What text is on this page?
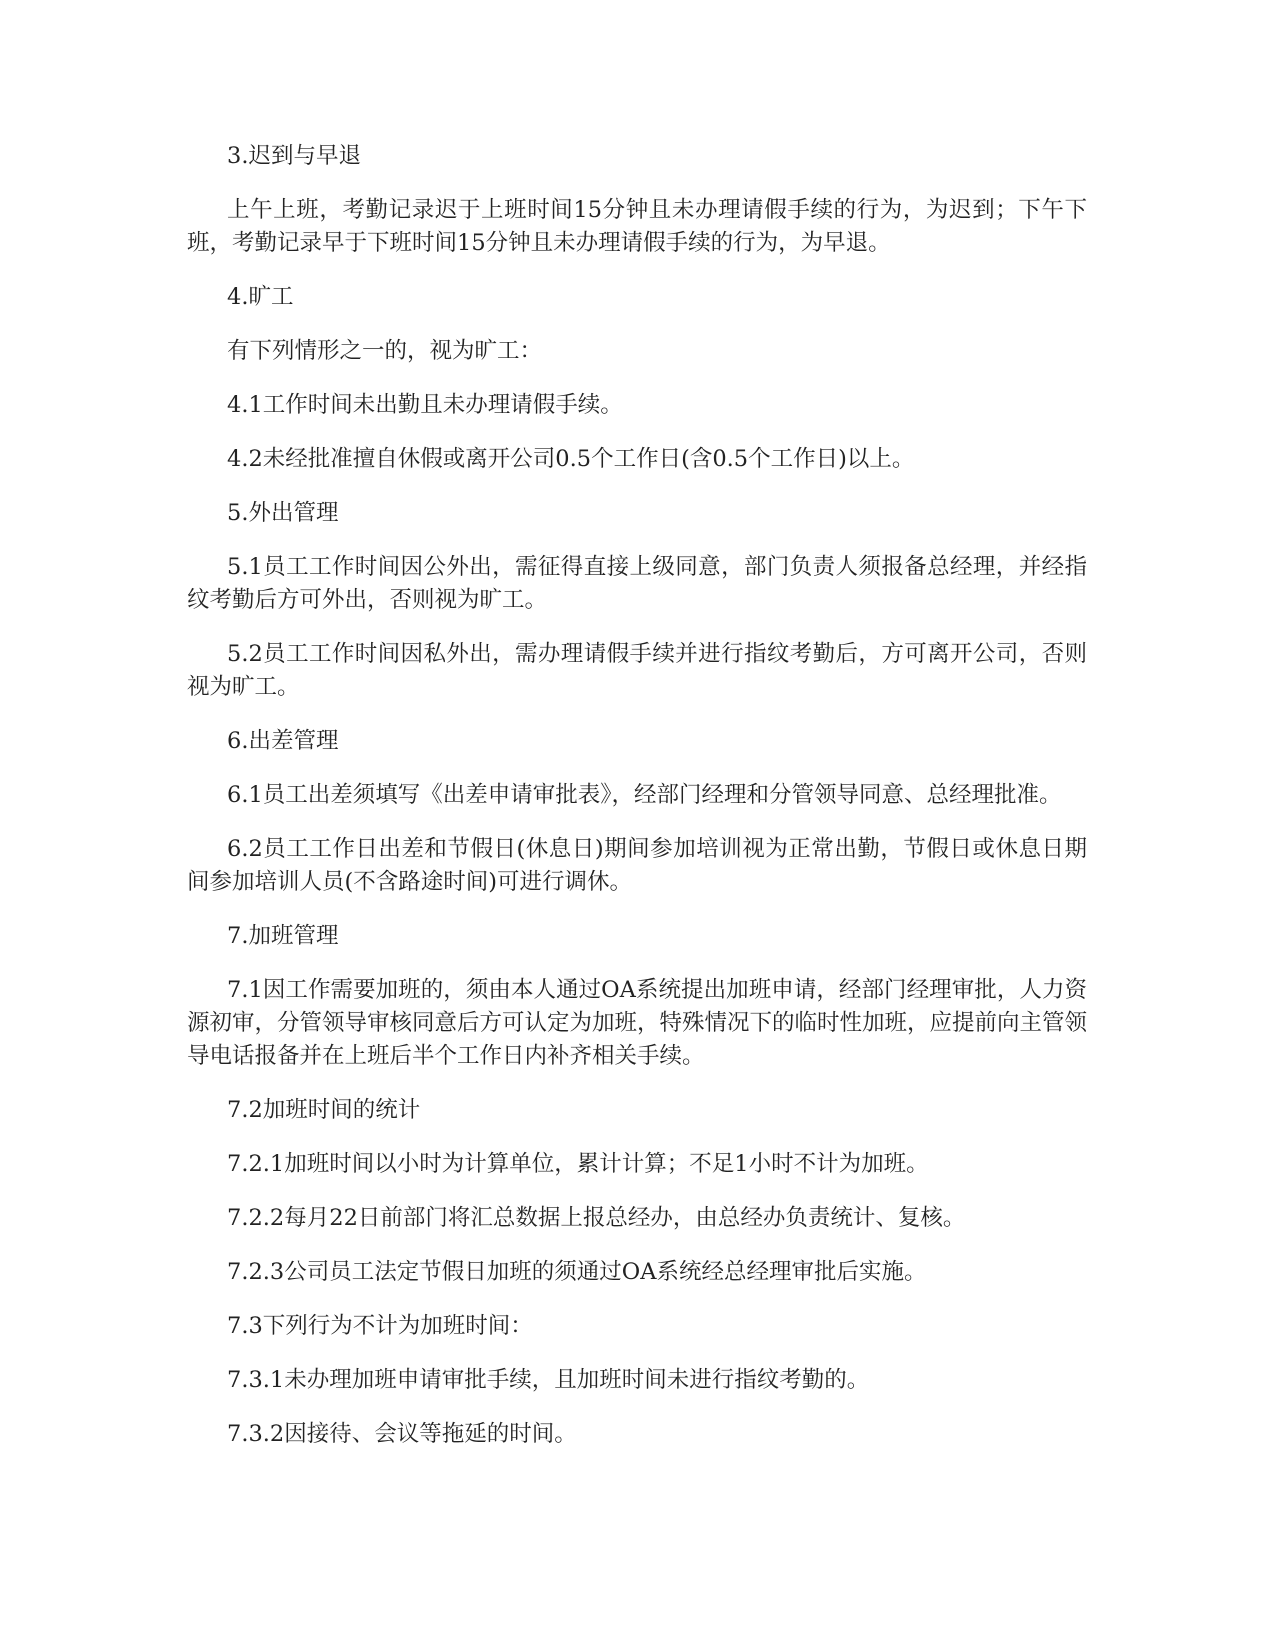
3.迟到与早退

上午上班，考勤记录迟于上班时间15分钟且未办理请假手续的行为，为迟到；下午下班，考勤记录早于下班时间15分钟且未办理请假手续的行为，为早退。

4.旷工

有下列情形之一的，视为旷工：

4.1工作时间未出勤且未办理请假手续。

4.2未经批准擅自休假或离开公司0.5个工作日(含0.5个工作日)以上。

5.外出管理

5.1员工工作时间因公外出，需征得直接上级同意，部门负责人须报备总经理，并经指纹考勤后方可外出，否则视为旷工。

5.2员工工作时间因私外出，需办理请假手续并进行指纹考勤后，方可离开公司，否则视为旷工。

6.出差管理

6.1员工出差须填写《出差申请审批表》，经部门经理和分管领导同意、总经理批准。

6.2员工工作日出差和节假日(休息日)期间参加培训视为正常出勤，节假日或休息日期间参加培训人员(不含路途时间)可进行调休。

7.加班管理

7.1因工作需要加班的，须由本人通过OA系统提出加班申请，经部门经理审批，人力资源初审，分管领导审核同意后方可认定为加班，特殊情况下的临时性加班，应提前向主管领导电话报备并在上班后半个工作日内补齐相关手续。

7.2加班时间的统计

7.2.1加班时间以小时为计算单位，累计计算；不足1小时不计为加班。

7.2.2每月22日前部门将汇总数据上报总经办，由总经办负责统计、复核。

7.2.3公司员工法定节假日加班的须通过OA系统经总经理审批后实施。

7.3下列行为不计为加班时间：

7.3.1未办理加班申请审批手续，且加班时间未进行指纹考勤的。

7.3.2因接待、会议等拖延的时间。
